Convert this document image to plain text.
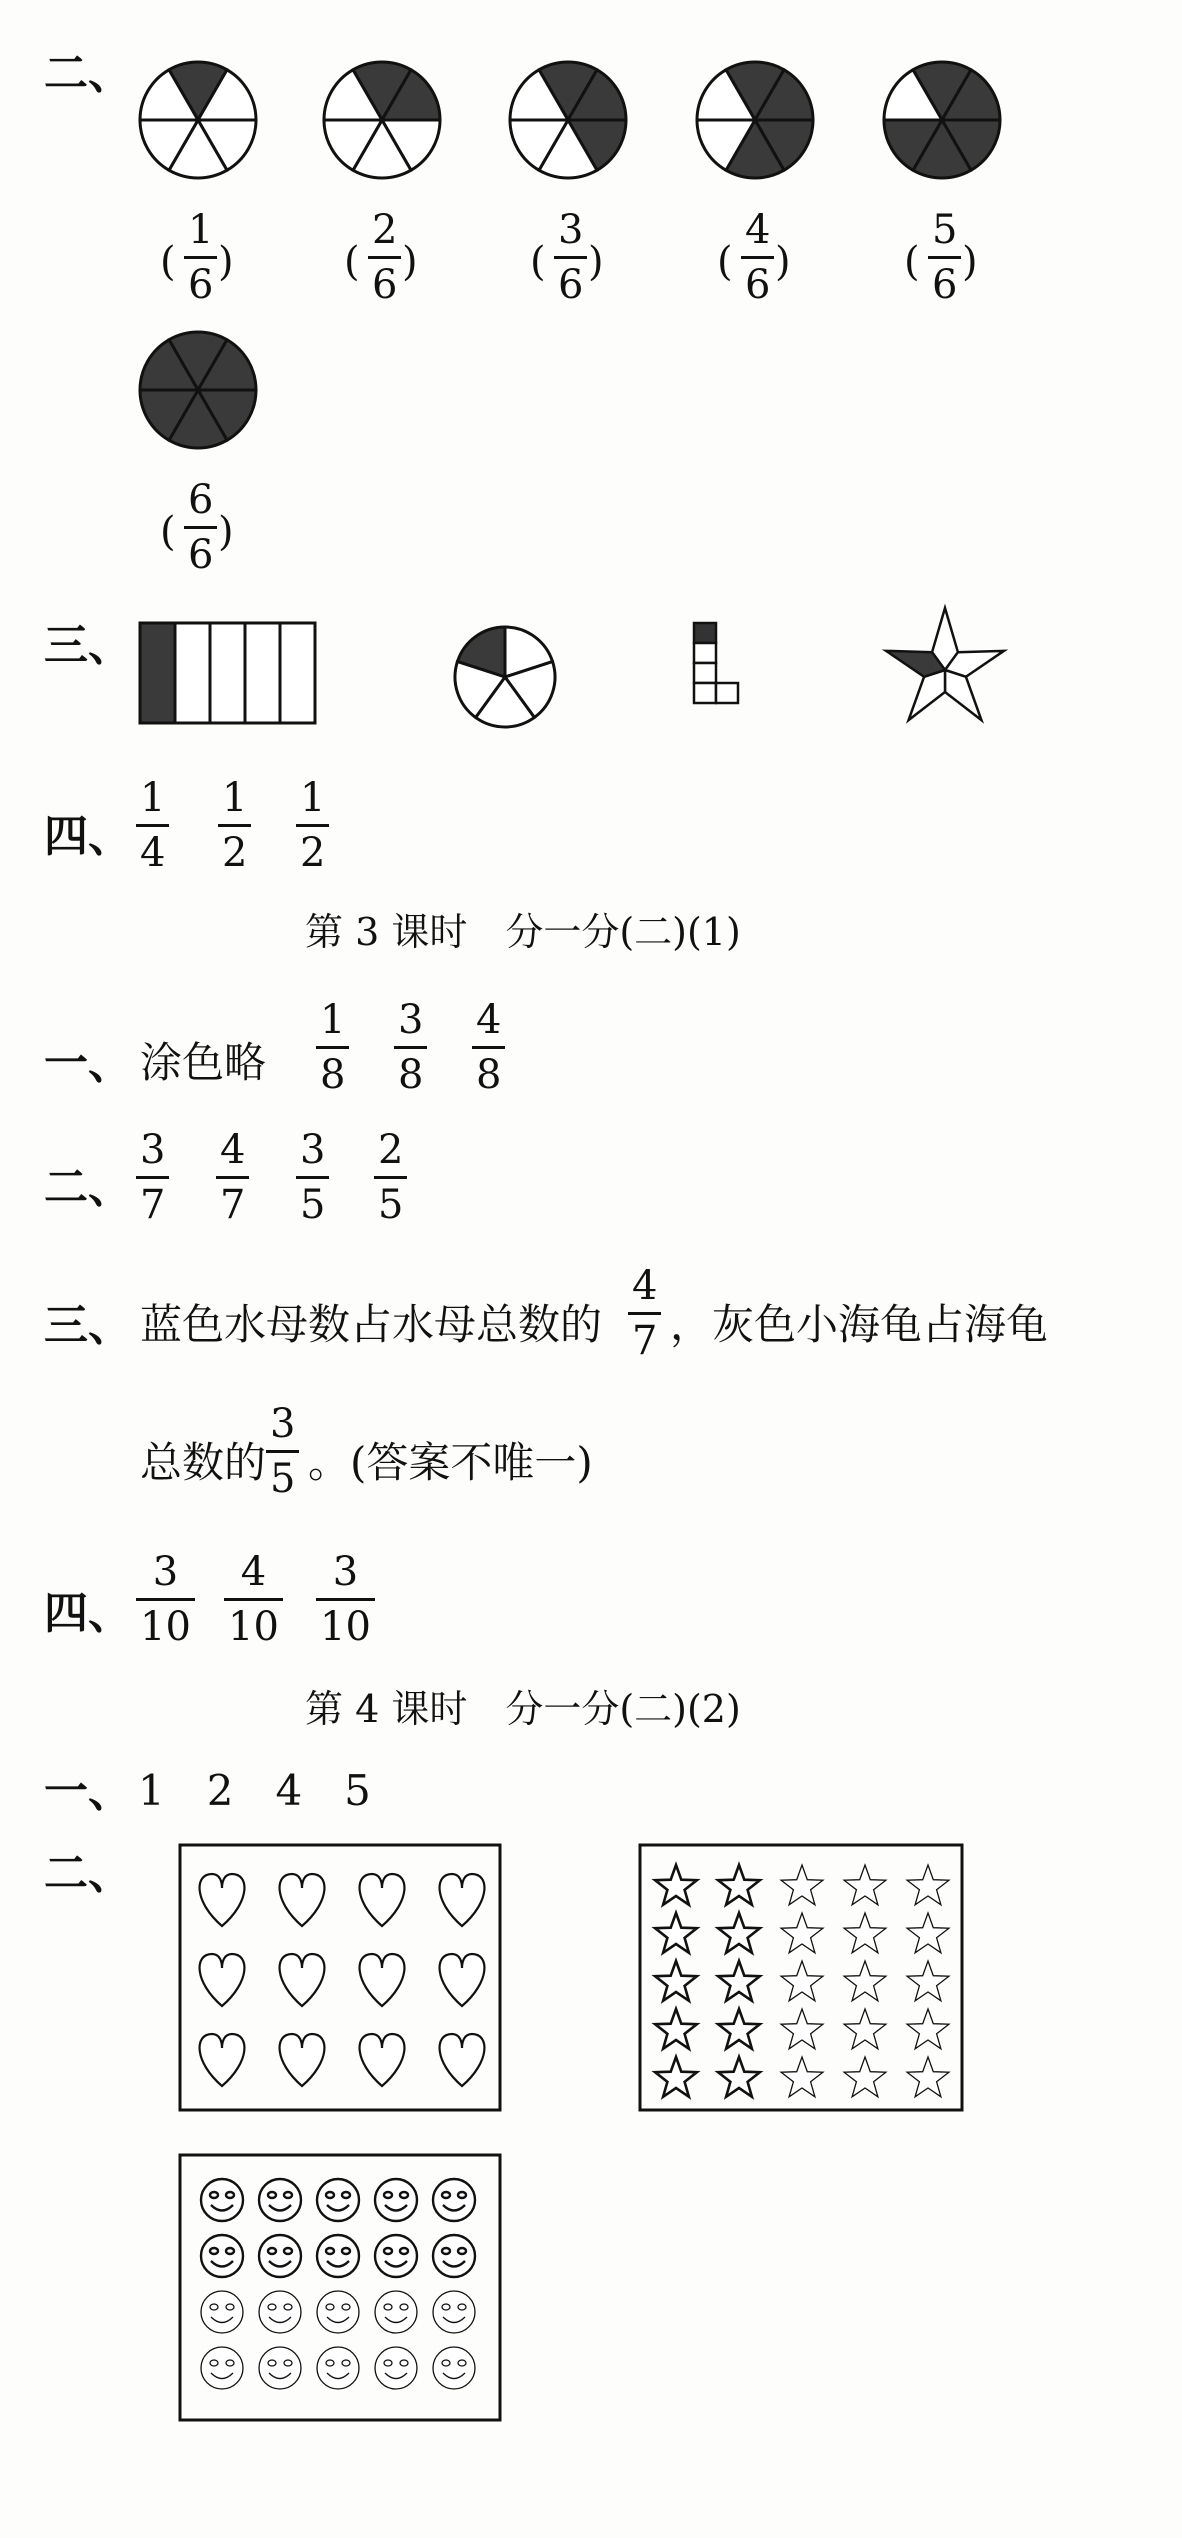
二、
(
1
6 )	(
2
6 )	(
3
6 )	(
4
6 )	(
5
6 )
(
6
6 )
三、
四、
1
4
1
2
1
2
第 3 课时　分一分(二)(1)
一、 涂色略
1
8
3
8
4
8
二、
3
7
4
7
3
5
2
5
三、 蓝色水母数占水母总数的
4
7 ，灰色小海龟占海龟
总数的
3
5 。(答案不唯一)
四、
3
10
4
10
3
10
第 4 课时　分一分(二)(2)
一、 1　2　4　5
二、
